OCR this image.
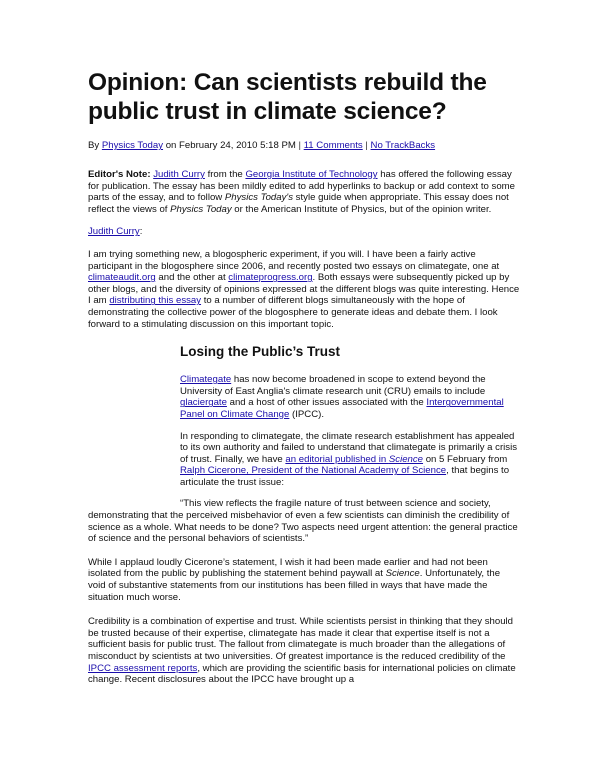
Opinion: Can scientists rebuild the public trust in climate science?
By Physics Today on February 24, 2010 5:18 PM | 11 Comments | No TrackBacks

Editor's Note: Judith Curry from the Georgia Institute of Technology has offered the following essay for publication. The essay has been mildly edited to add hyperlinks to backup or add context to some parts of the essay, and to follow Physics Today's style guide when appropriate. This essay does not reflect the views of Physics Today or the American Institute of Physics, but of the opinion writer.

Judith Curry:

I am trying something new, a blogospheric experiment, if you will. I have been a fairly active participant in the blogosphere since 2006, and recently posted two essays on climategate, one at climateaudit.org and the other at climateprogress.org. Both essays were subsequently picked up by other blogs, and the diversity of opinions expressed at the different blogs was quite interesting. Hence I am distributing this essay to a number of different blogs simultaneously with the hope of demonstrating the collective power of the blogosphere to generate ideas and debate them. I look forward to a stimulating discussion on this important topic.

Losing the Public’s Trust

Climategate has now become broadened in scope to extend beyond the University of East Anglia's climate research unit (CRU) emails to include glaciergate and a host of other issues associated with the Intergovernmental Panel on Climate Change (IPCC).

In responding to climategate, the climate research establishment has appealed to its own authority and failed to understand that climategate is primarily a crisis of trust. Finally, we have an editorial published in Science on 5 February from Ralph Cicerone, President of the National Academy of Science, that begins to articulate the trust issue:

“This view reflects the fragile nature of trust between science and society, demonstrating that the perceived misbehavior of even a few scientists can diminish the credibility of science as a whole. What needs to be done? Two aspects need urgent attention: the general practice of science and the personal behaviors of scientists.”

While I applaud loudly Cicerone’s statement, I wish it had been made earlier and had not been isolated from the public by publishing the statement behind paywall at Science. Unfortunately, the void of substantive statements from our institutions has been filled in ways that have made the situation much worse.

Credibility is a combination of expertise and trust. While scientists persist in thinking that they should be trusted because of their expertise, climategate has made it clear that expertise itself is not a sufficient basis for public trust. The fallout from climategate is much broader than the allegations of misconduct by scientists at two universities. Of greatest importance is the reduced credibility of the IPCC assessment reports, which are providing the scientific basis for international policies on climate change. Recent disclosures about the IPCC have brought up a
